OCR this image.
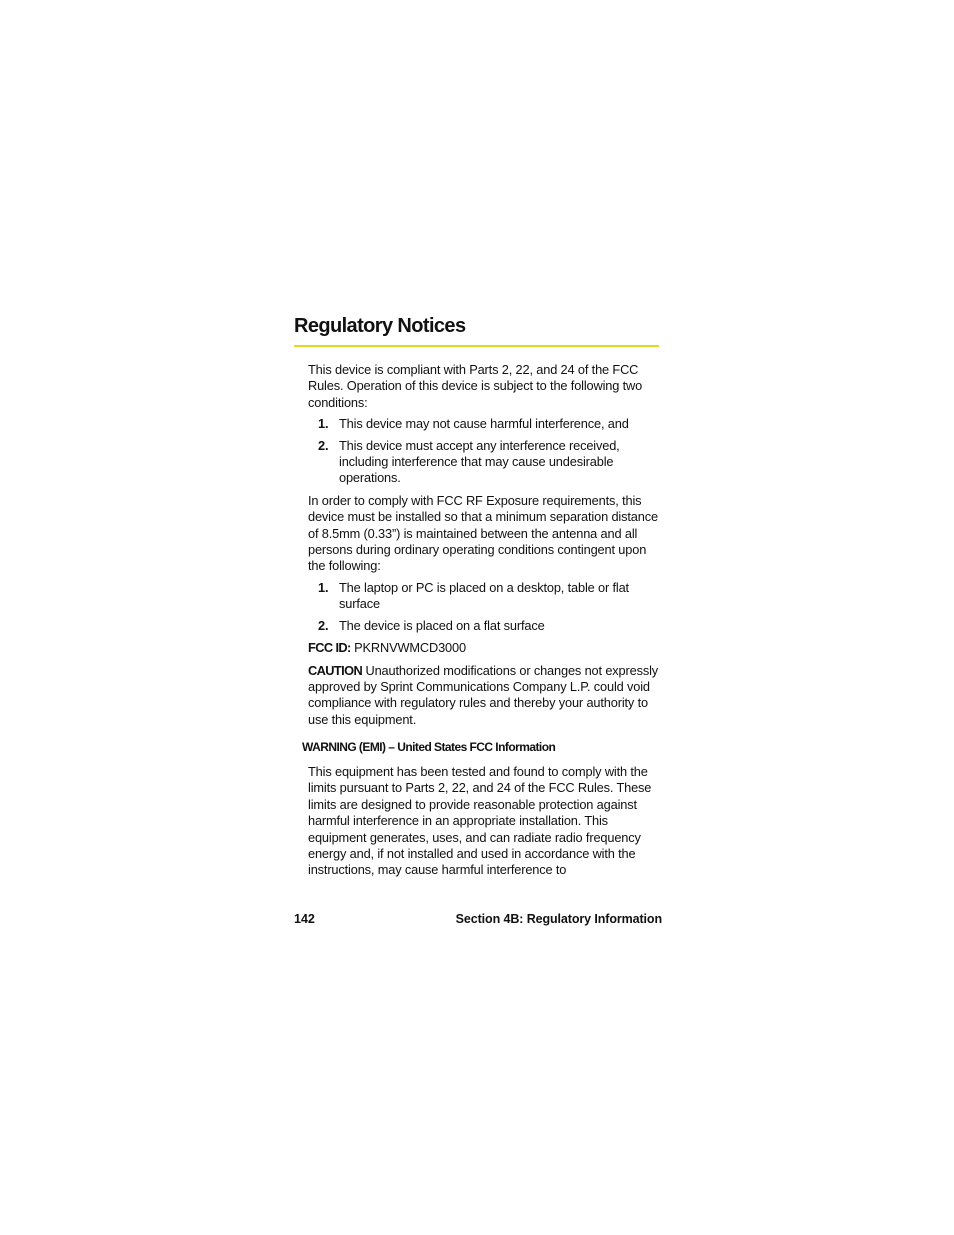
Regulatory Notices

This device is compliant with Parts 2, 22, and 24 of the FCC Rules. Operation of this device is subject to the following two conditions:

1. This device may not cause harmful interference, and
2. This device must accept any interference received, including interference that may cause undesirable operations.

In order to comply with FCC RF Exposure requirements, this device must be installed so that a minimum separation distance of 8.5mm (0.33”) is maintained between the antenna and all persons during ordinary operating conditions contingent upon the following:

1. The laptop or PC is placed on a desktop, table or flat surface
2. The device is placed on a flat surface

FCC ID: PKRNVWMCD3000

CAUTION Unauthorized modifications or changes not expressly approved by Sprint Communications Company L.P. could void compliance with regulatory rules and thereby your authority to use this equipment.

WARNING (EMI) – United States FCC Information

This equipment has been tested and found to comply with the limits pursuant to Parts 2, 22, and 24 of the FCC Rules. These limits are designed to provide reasonable protection against harmful interference in an appropriate installation. This equipment generates, uses, and can radiate radio frequency energy and, if not installed and used in accordance with the instructions, may cause harmful interference to

142	Section 4B: Regulatory Information
